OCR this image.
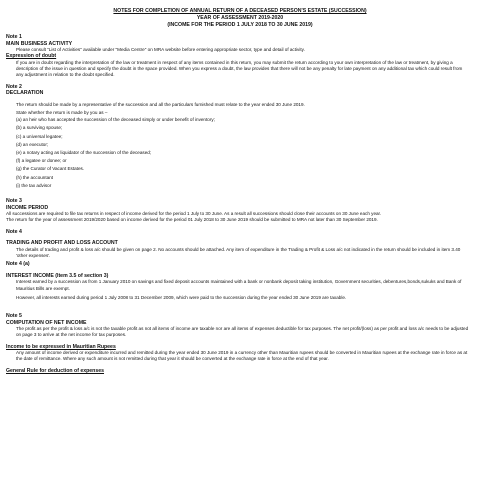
NOTES FOR COMPLETION OF ANNUAL RETURN OF A DECEASED PERSON'S ESTATE (SUCCESSION)
YEAR OF ASSESSMENT 2019-2020
(INCOME FOR THE PERIOD 1 JULY 2018 TO 30 JUNE 2019)
Note 1
MAIN BUSINESS ACTIVITY
Please consult "List of Activities" available under "Media Centre" on MRA website before entering appropriate sector, type and detail of activity.
Expression of doubt
If you are in doubt regarding the interpretation of the law or treatment in respect of any items contained in this return, you may submit the return according to your own interpretation of the law or treatment, by giving a description of the issue in question and specify the doubt in the space provided. When you express a doubt, the law provides that there will not be any penalty for late payment on any additional tax which could result from any adjustment in relation to the doubt specified.
Note 2
DECLARATION
The return should be made by a representative of the succession and all the particulars furnished must relate to the year ended 30 June 2019.
State whether the return is made by you as –
(a) an heir who has accepted the succession of the deceased simply or under benefit of inventory;
(b) a surviving spouse;
(c) a universal legatee;
(d) an executor;
(e) a notary acting as liquidator of the succession of the deceased;
(f) a legatee or donee; or
(g) the Curator of Vacant Estates.
(h) the accountant
(i) the tax advisor
Note 3
INCOME PERIOD
All successions are required to file tax returns in respect of income derived for the period 1 July to 30 June. As a result all successions should close their accounts on 30 June each year.
The return for the year of assessment 2019/2020 based on income derived for the period 01 July 2018 to 30 June 2019 should be submitted to MRA not later than 30 September 2019.
Note 4
TRADING AND PROFIT AND LOSS ACCOUNT
The details of trading and profit & loss a/c should be given on page 2. No accounts should be attached. Any item of expenditure in the Trading & Profit & Loss a/c not indicated in the return should be included in item 3.40 'other expenses'.
Note 4 (a)
INTEREST INCOME (Item 3.5 of section 3)
Interest earned by a succession as from 1 January 2010 on savings and fixed deposit accounts maintained with a bank or nonbank deposit taking institution, Government securities, debentures,bonds,sukuks and Bank of Mauritius Bills are exempt.
However, all interests earned during period 1 July 2008 to 31 December 2009, which were paid to the succession during the year ended 30 June 2019 are taxable.
Note 5
COMPUTATION OF NET INCOME
The profit as per the profit & loss a/c is not the taxable profit as not all items of income are taxable nor are all items of expenses deductible for tax purposes. The net profit/(loss) as per profit and loss a/c needs to be adjusted on page 3 to arrive at the net income for tax purposes.
Income to be expressed in Mauritian Rupees
Any amount of income derived or expenditure incurred and remitted during the year ended 30 June 2019 in a currency other than Mauritian rupees should be converted in Mauritian rupees at the exchange rate in force as at the date of remittance. Where any such amount is not remitted during that year it should be converted at the exchange rate in force at the end of that year.
General Rule for deduction of expenses
